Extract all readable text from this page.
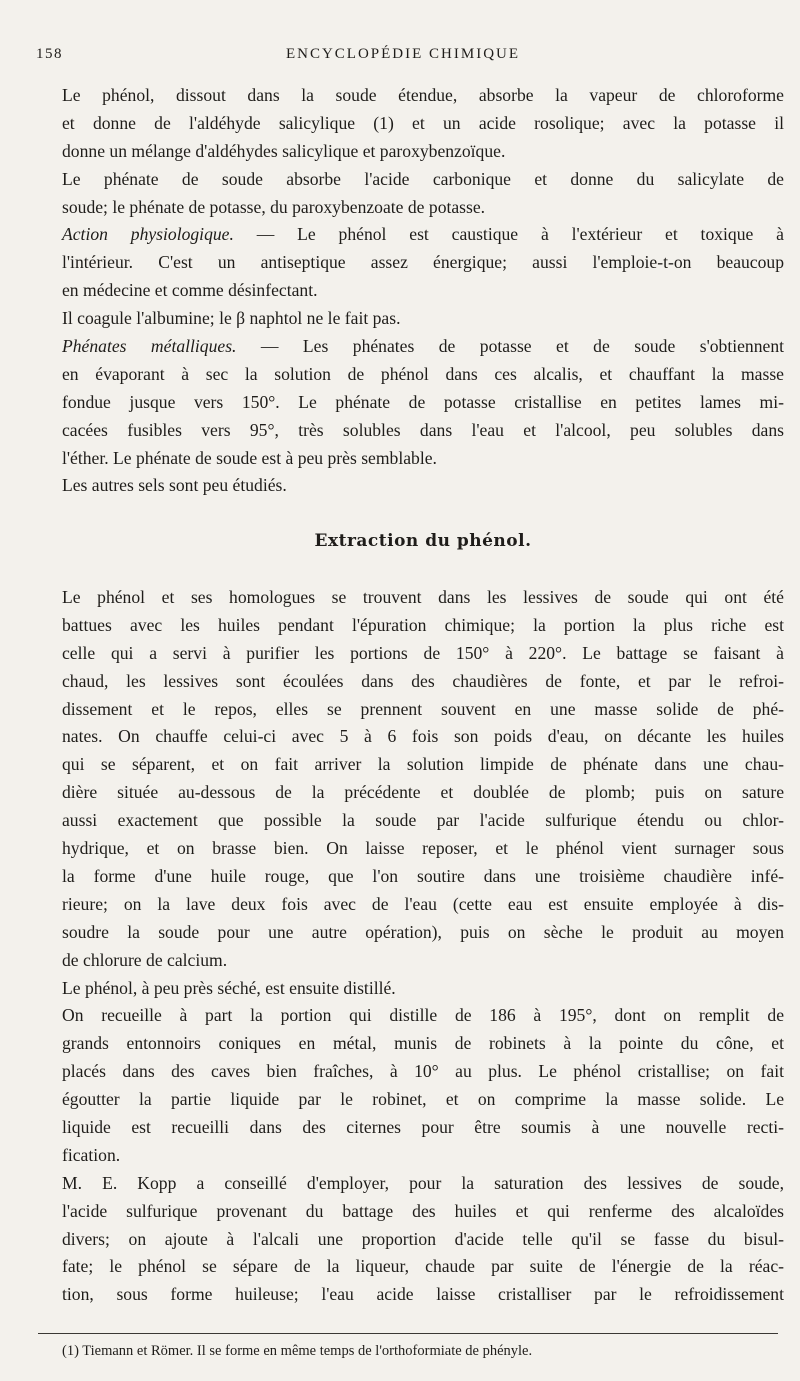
158	ENCYCLOPÉDIE CHIMIQUE
Le phénol, dissout dans la soude étendue, absorbe la vapeur de chloroforme
et donne de l'aldéhyde salicylique (1) et un acide rosolique; avec la potasse il
donne un mélange d'aldéhydes salicylique et paroxybenzoïque.
Le phénate de soude absorbe l'acide carbonique et donne du salicylate de
soude; le phénate de potasse, du paroxybenzoate de potasse.
Action physiologique. — Le phénol est caustique à l'extérieur et toxique à
l'intérieur. C'est un antiseptique assez énergique; aussi l'emploie-t-on beaucoup
en médecine et comme désinfectant.
Il coagule l'albumine; le β naphtol ne le fait pas.
Phénates métalliques. — Les phénates de potasse et de soude s'obtiennent
en évaporant à sec la solution de phénol dans ces alcalis, et chauffant la masse
fondue jusque vers 150°. Le phénate de potasse cristallise en petites lames mi-
cacées fusibles vers 95°, très solubles dans l'eau et l'alcool, peu solubles dans
l'éther. Le phénate de soude est à peu près semblable.
Les autres sels sont peu étudiés.
Extraction du phénol.
Le phénol et ses homologues se trouvent dans les lessives de soude qui ont été
battues avec les huiles pendant l'épuration chimique; la portion la plus riche est
celle qui a servi à purifier les portions de 150° à 220°. Le battage se faisant à
chaud, les lessives sont écoulées dans des chaudières de fonte, et par le refroi-
dissement et le repos, elles se prennent souvent en une masse solide de phé-
nates. On chauffe celui-ci avec 5 à 6 fois son poids d'eau, on décante les huiles
qui se séparent, et on fait arriver la solution limpide de phénate dans une chau-
dière située au-dessous de la précédente et doublée de plomb; puis on sature
aussi exactement que possible la soude par l'acide sulfurique étendu ou chlor-
hydrique, et on brasse bien. On laisse reposer, et le phénol vient surnager sous
la forme d'une huile rouge, que l'on soutire dans une troisième chaudière infé-
rieure; on la lave deux fois avec de l'eau (cette eau est ensuite employée à dis-
soudre la soude pour une autre opération), puis on sèche le produit au moyen
de chlorure de calcium.
Le phénol, à peu près séché, est ensuite distillé.
On recueille à part la portion qui distille de 186 à 195°, dont on remplit de
grands entonnoirs coniques en métal, munis de robinets à la pointe du cône, et
placés dans des caves bien fraîches, à 10° au plus. Le phénol cristallise; on fait
égoutter la partie liquide par le robinet, et on comprime la masse solide. Le
liquide est recueilli dans des citernes pour être soumis à une nouvelle recti-
fication.
M. E. Kopp a conseillé d'employer, pour la saturation des lessives de soude,
l'acide sulfurique provenant du battage des huiles et qui renferme des alcaloïdes
divers; on ajoute à l'alcali une proportion d'acide telle qu'il se fasse du bisul-
fate; le phénol se sépare de la liqueur, chaude par suite de l'énergie de la réac-
tion, sous forme huileuse; l'eau acide laisse cristalliser par le refroidissement
(1) Tiemann et Römer. Il se forme en même temps de l'orthoformiate de phényle.
